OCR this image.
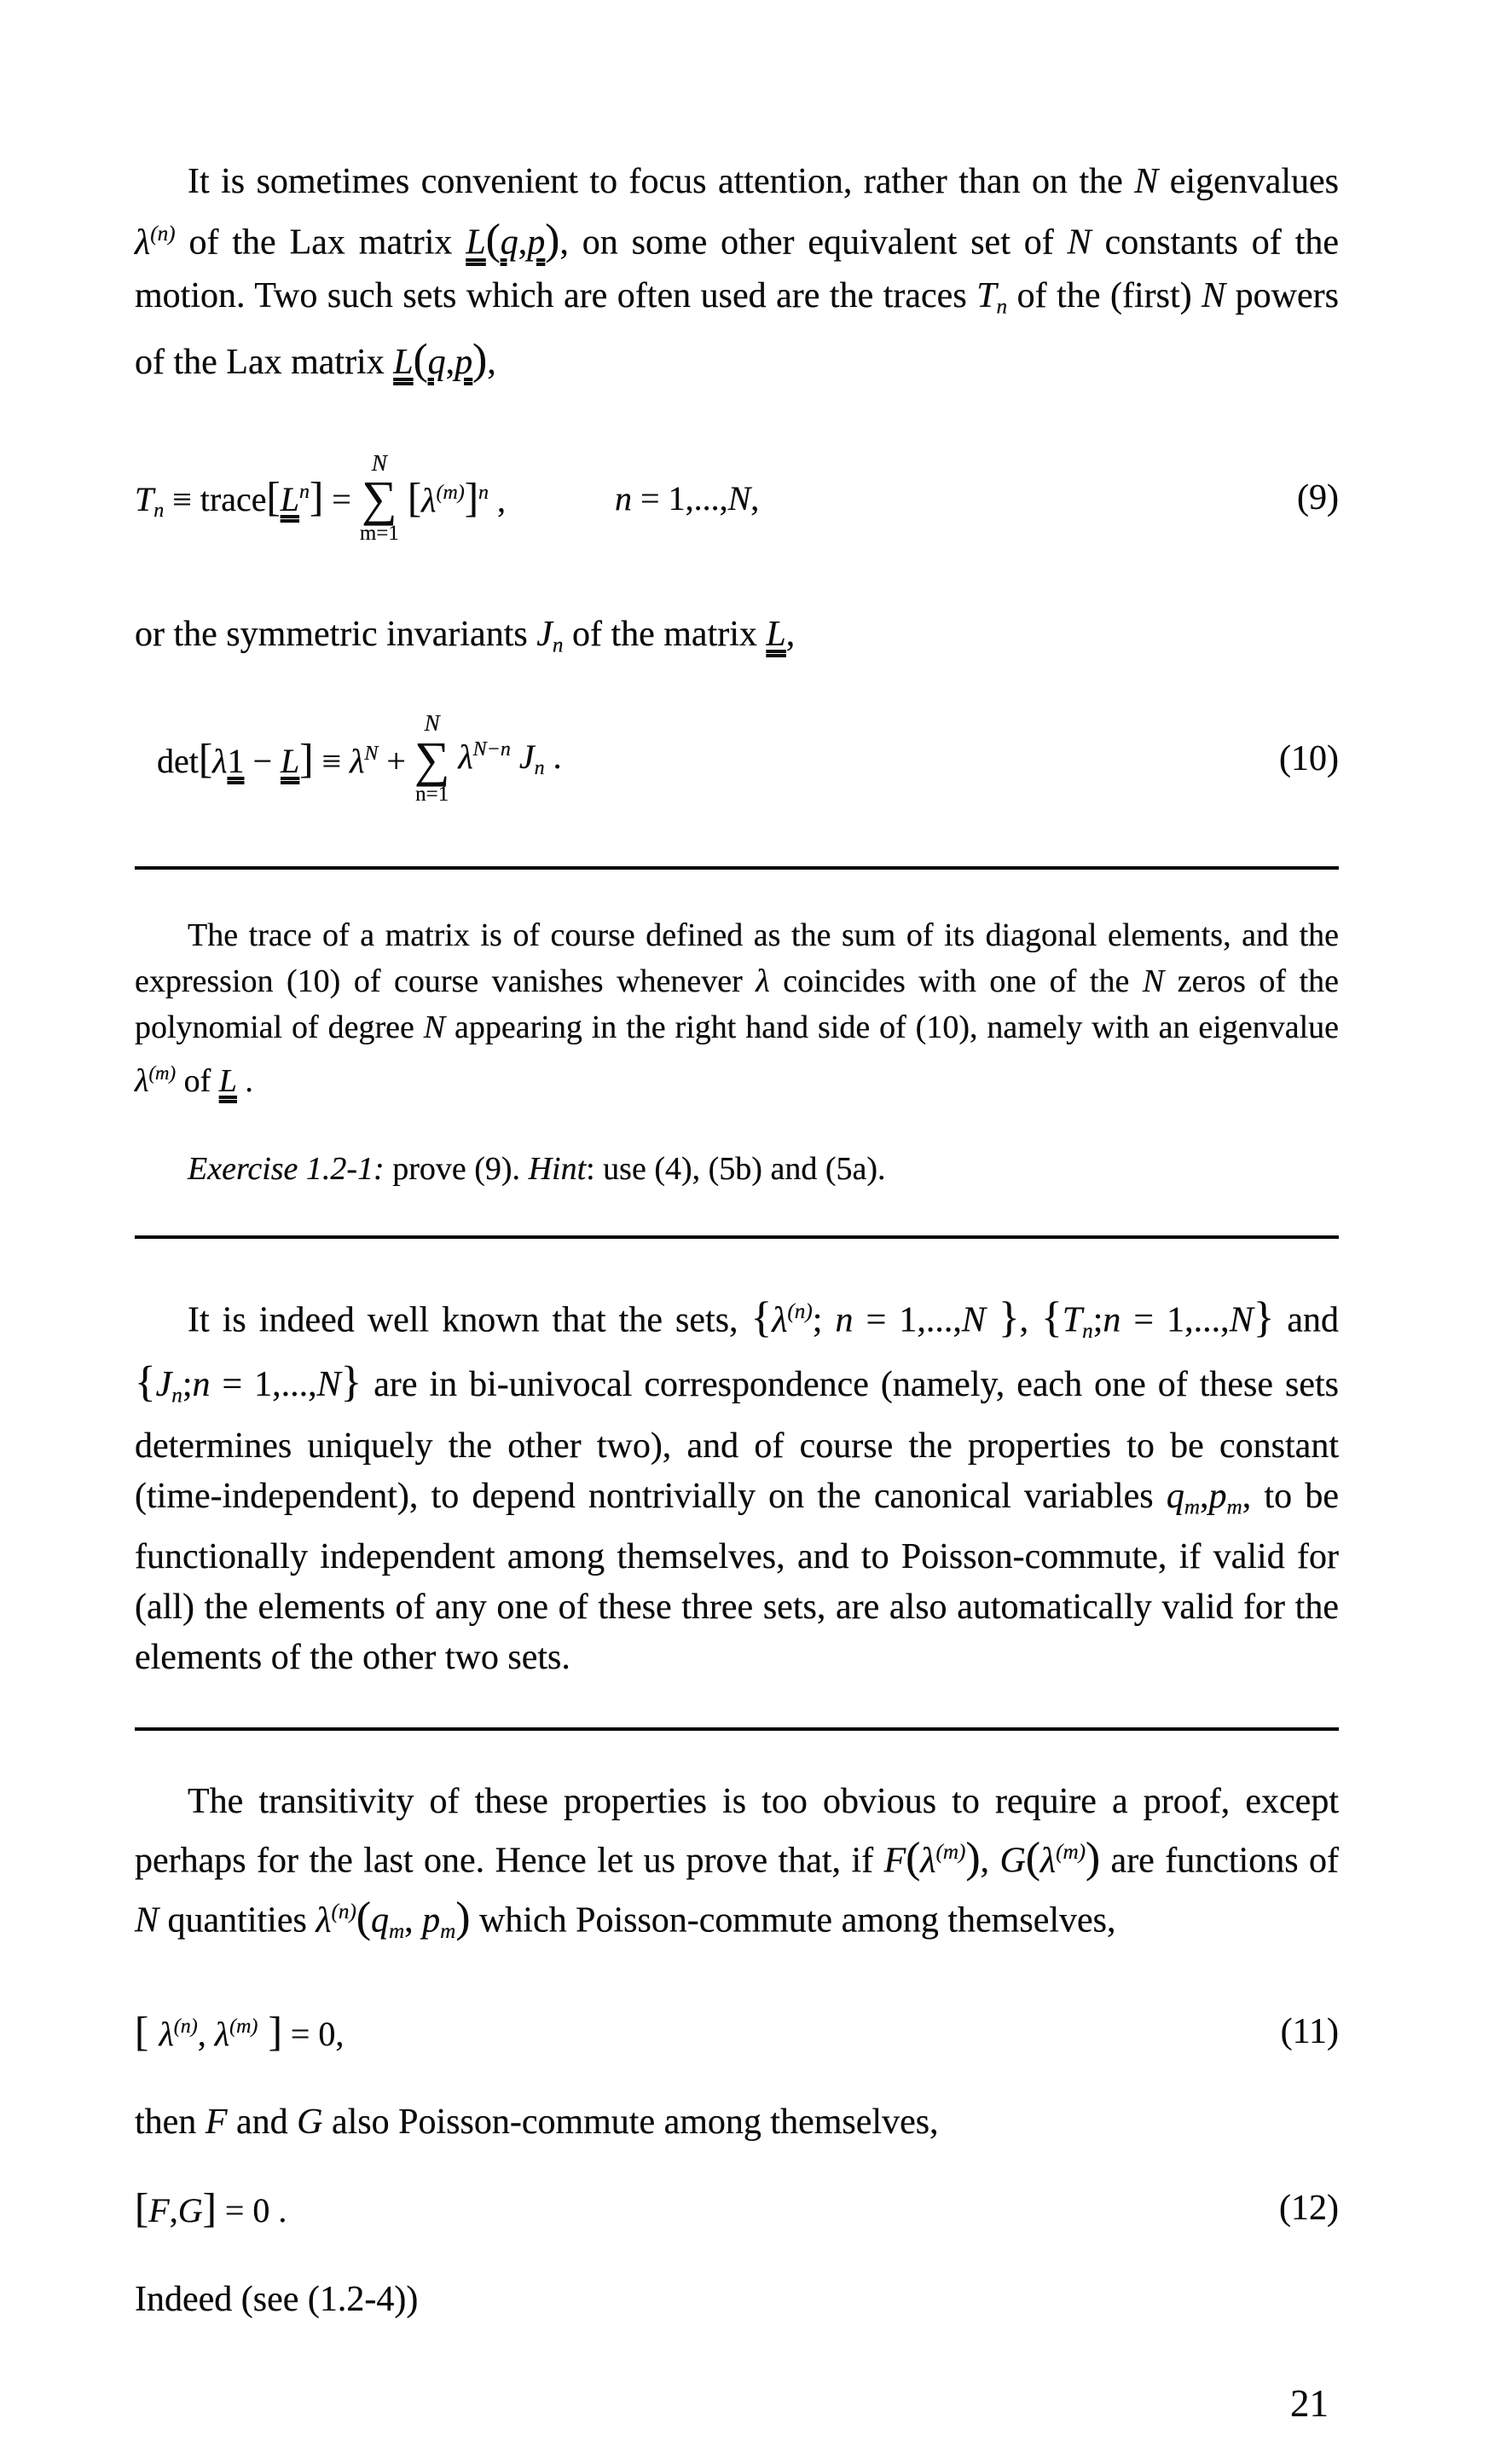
It is sometimes convenient to focus attention, rather than on the N eigenvalues $\lambda^{(n)}$ of the Lax matrix L(q,p), on some other equivalent set of N constants of the motion. Two such sets which are often used are the traces Tn of the (first) N powers of the Lax matrix L(q,p),

$Tn \equiv trace[L^n]$ =
N
∑
m=1
$[\lambda^{(m)}]^n$ ,	n = 1,...,N,	(9)

or the symmetric invariants Jn of the matrix L,

$\det[\lambda 1 - L] \equiv \lambda^N$ +
N
∑
n=1
$\lambda^{N-n}$ Jn .	(10)

The trace of a matrix is of course defined as the sum of its diagonal elements, and the expression (10) of course vanishes whenever λ coincides with one of the N zeros of the polynomial of degree N appearing in the right hand side of (10), namely with an eigenvalue $\lambda^{(m)}$ of L .

Exercise 1.2-1: prove (9). Hint: use (4), (5b) and (5a).

It is indeed well known that the sets, {$\lambda^{(n)}$; n = 1,...,N }, {Tn;n = 1,...,N} and {Jn;n = 1,...,N} are in bi-univocal correspondence (namely, each one of these sets determines uniquely the other two), and of course the properties to be constant (time-independent), to depend nontrivially on the canonical variables qm,pm, to be functionally independent among themselves, and to Poisson-commute, if valid for (all) the elements of any one of these three sets, are also automatically valid for the elements of the other two sets.

The transitivity of these properties is too obvious to require a proof, except perhaps for the last one. Hence let us prove that, if $F(\lambda^{(m)})$, $G(\lambda^{(m)})$ are functions of N quantities $\lambda^{(n)}(qm$, pm) which Poisson-commute among themselves,

[ $\lambda^{(n)}$, $\lambda^{(m)}$ ] = 0,	(11)

then F and G also Poisson-commute among themselves,

[F,G] = 0 .	(12)

Indeed (see (1.2-4))

21
